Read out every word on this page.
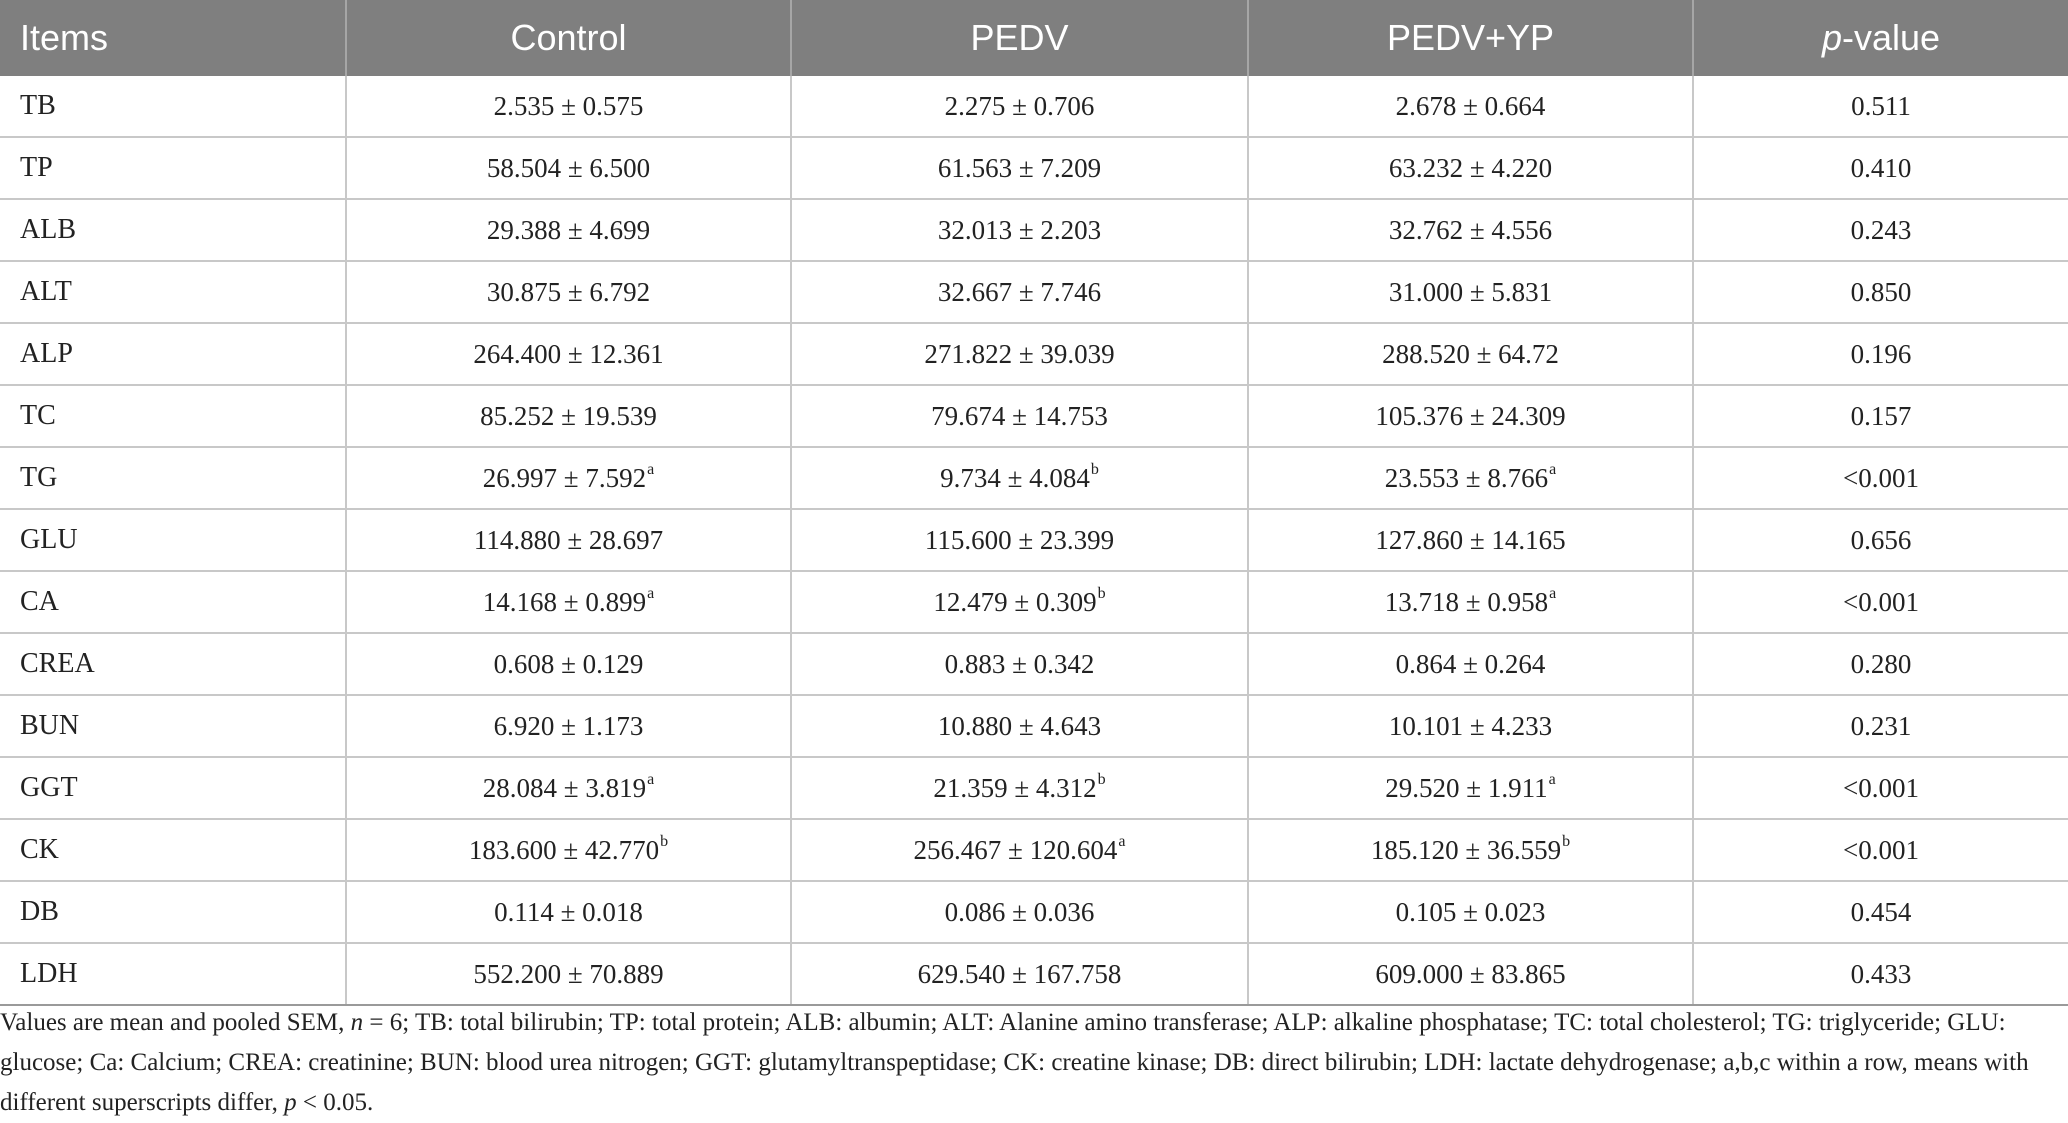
Items	Control	PEDV	PEDV+YP	p-value
TB	2.535 ± 0.575	2.275 ± 0.706	2.678 ± 0.664	0.511
TP	58.504 ± 6.500	61.563 ± 7.209	63.232 ± 4.220	0.410
ALB	29.388 ± 4.699	32.013 ± 2.203	32.762 ± 4.556	0.243
ALT	30.875 ± 6.792	32.667 ± 7.746	31.000 ± 5.831	0.850
ALP	264.400 ± 12.361	271.822 ± 39.039	288.520 ± 64.72	0.196
TC	85.252 ± 19.539	79.674 ± 14.753	105.376 ± 24.309	0.157
TG	26.997 ± 7.592$^a$	9.734 ± 4.084$^b$	23.553 ± 8.766$^a$	<0.001
GLU	114.880 ± 28.697	115.600 ± 23.399	127.860 ± 14.165	0.656
CA	14.168 ± 0.899$^a$	12.479 ± 0.309$^b$	13.718 ± 0.958$^a$	<0.001
CREA	0.608 ± 0.129	0.883 ± 0.342	0.864 ± 0.264	0.280
BUN	6.920 ± 1.173	10.880 ± 4.643	10.101 ± 4.233	0.231
GGT	28.084 ± 3.819$^a$	21.359 ± 4.312$^b$	29.520 ± 1.911$^a$	<0.001
CK	183.600 ± 42.770$^b$	256.467 ± 120.604$^a$	185.120 ± 36.559$^b$	<0.001
DB	0.114 ± 0.018	0.086 ± 0.036	0.105 ± 0.023	0.454
LDH	552.200 ± 70.889	629.540 ± 167.758	609.000 ± 83.865	0.433
Values are mean and pooled SEM, n = 6; TB: total bilirubin; TP: total protein; ALB: albumin; ALT: Alanine amino transferase; ALP: alkaline phosphatase; TC: total cholesterol; TG: triglyceride; GLU: glucose; Ca: Calcium; CREA: creatinine; BUN: blood urea nitrogen; GGT: glutamyltranspeptidase; CK: creatine kinase; DB: direct bilirubin; LDH: lactate dehydrogenase; a,b,c within a row, means with different superscripts differ, p < 0.05.
